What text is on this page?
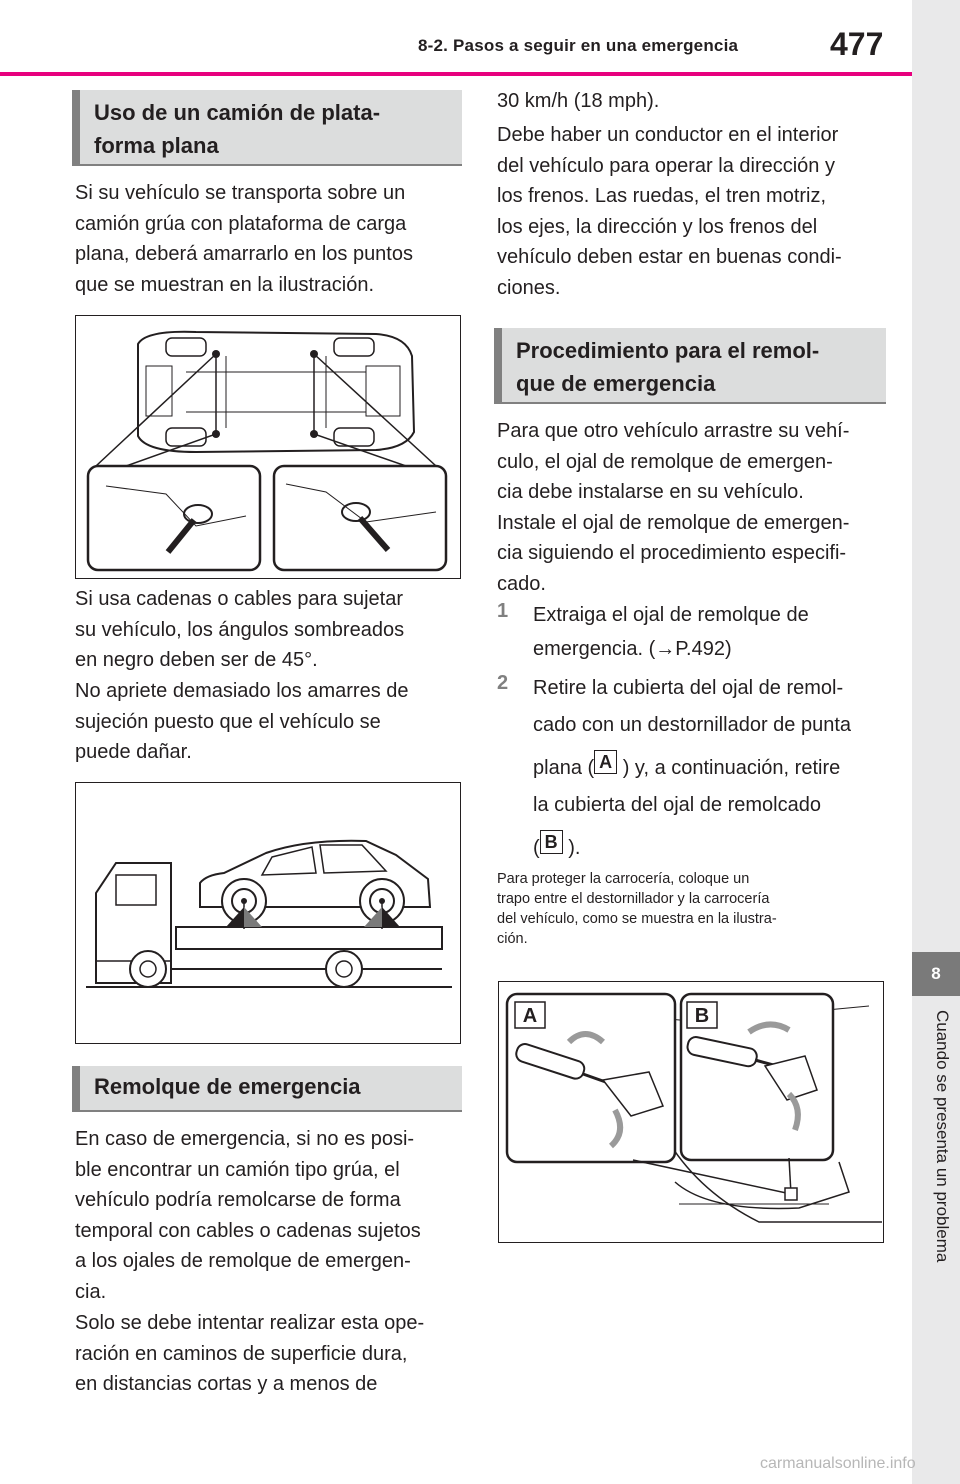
8-2. Pasos a seguir en una emergencia	477
8
Cuando se presenta un problema
Uso de un camión de plata-
forma plana
Si su vehículo se transporta sobre un
camión grúa con plataforma de carga
plana, deberá amarrarlo en los puntos
que se muestran en la ilustración.
Si usa cadenas o cables para sujetar
su vehículo, los ángulos sombreados
en negro deben ser de 45°.
No apriete demasiado los amarres de
sujeción puesto que el vehículo se
puede dañar.
Remolque de emergencia
En caso de emergencia, si no es posi-
ble encontrar un camión tipo grúa, el
vehículo podría remolcarse de forma
temporal con cables o cadenas sujetos
a los ojales de remolque de emergen-
cia.
Solo se debe intentar realizar esta ope-
ración en caminos de superficie dura,
en distancias cortas y a menos de
30 km/h (18 mph).
Debe haber un conductor en el interior
del vehículo para operar la dirección y
los frenos. Las ruedas, el tren motriz,
los ejes, la dirección y los frenos del
vehículo deben estar en buenas condi-
ciones.
Procedimiento para el remol-
que de emergencia
Para que otro vehículo arrastre su vehí-
culo, el ojal de remolque de emergen-
cia debe instalarse en su vehículo.
Instale el ojal de remolque de emergen-
cia siguiendo el procedimiento especifi-
cado.
1 Extraiga el ojal de remolque de
emergencia. (→P.492)
2 Retire la cubierta del ojal de remol-
cado con un destornillador de punta
plana ( A ) y, a continuación, retire
la cubierta del ojal de remolcado
( B ).
Para proteger la carrocería, coloque un
trapo entre el destornillador y la carrocería
del vehículo, como se muestra en la ilustra-
ción.
A	B
carmanualsonline.info
